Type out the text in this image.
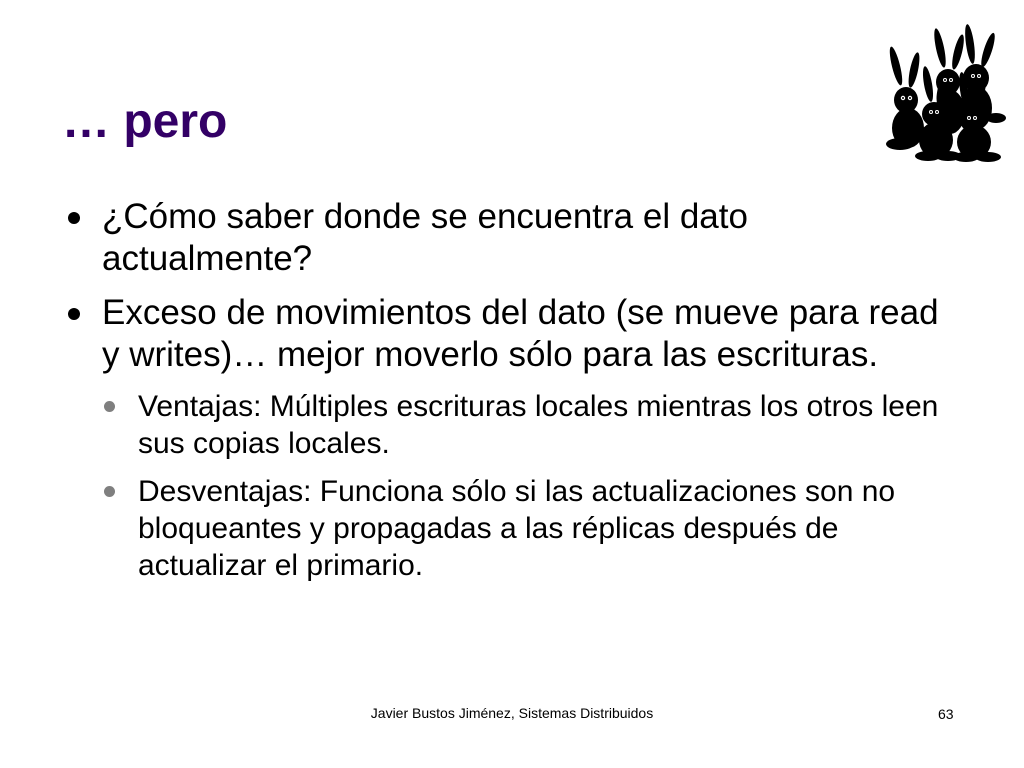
… pero
¿Cómo saber donde se encuentra el dato actualmente?
Exceso de movimientos del dato (se mueve para read y writes)… mejor moverlo sólo para las escrituras.
Ventajas: Múltiples escrituras locales mientras los otros leen sus copias locales.
Desventajas: Funciona sólo si las actualizaciones son no bloqueantes y propagadas a las réplicas después de actualizar el primario.
Javier Bustos Jiménez, Sistemas Distribuidos	63
